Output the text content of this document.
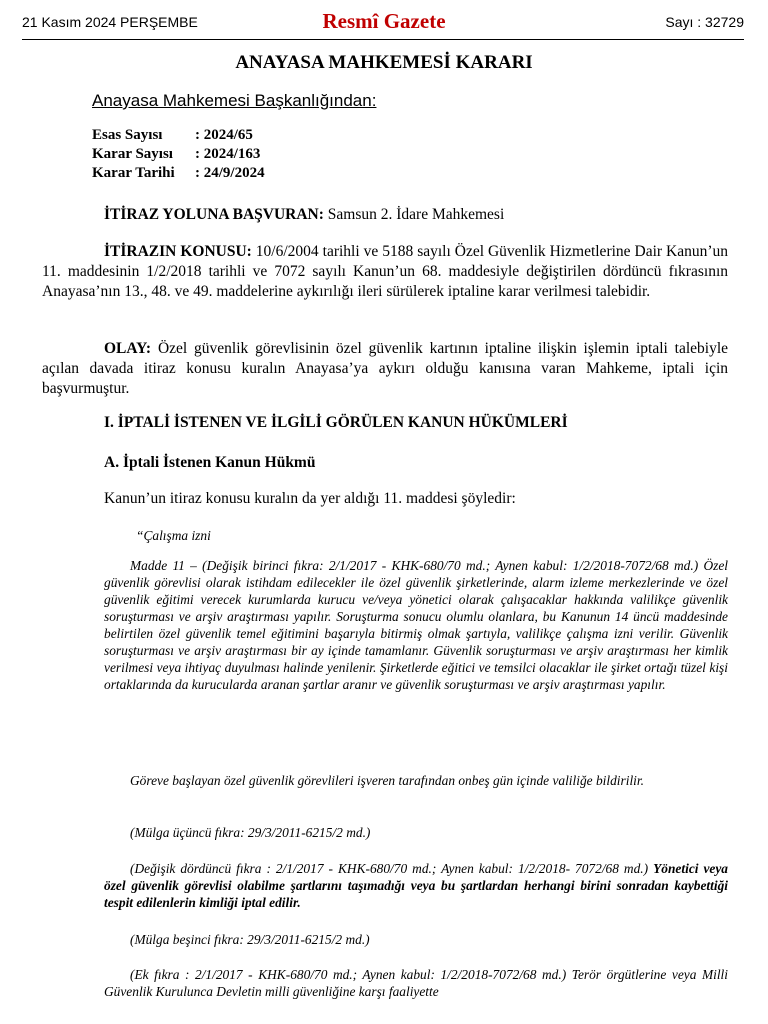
21 Kasım 2024 PERŞEMBE	Resmî Gazete	Sayı : 32729
ANAYASA MAHKEMESİ KARARI
Anayasa Mahkemesi Başkanlığından:
Esas Sayısı : 2024/65
Karar Sayısı : 2024/163
Karar Tarihi : 24/9/2024
İTİRAZ YOLUNA BAŞVURAN: Samsun 2. İdare Mahkemesi
İTİRAZIN KONUSU: 10/6/2004 tarihli ve 5188 sayılı Özel Güvenlik Hizmetlerine Dair Kanun’un 11. maddesinin 1/2/2018 tarihli ve 7072 sayılı Kanun’un 68. maddesiyle değiştirilen dördüncü fıkrasının Anayasa’nın 13., 48. ve 49. maddelerine aykırılığı ileri sürülerek iptaline karar verilmesi talebidir.
OLAY: Özel güvenlik görevlisinin özel güvenlik kartının iptaline ilişkin işlemin iptali talebiyle açılan davada itiraz konusu kuralın Anayasa’ya aykırı olduğu kanısına varan Mahkeme, iptali için başvurmuştur.
I. İPTALİ İSTENEN VE İLGİLİ GÖRÜLEN KANUN HÜKÜMLERİ
A. İptali İstenen Kanun Hükmü
Kanun’un itiraz konusu kuralın da yer aldığı 11. maddesi şöyledir:
“Çalışma izni
Madde 11 – (Değişik birinci fıkra: 2/1/2017 - KHK-680/70 md.; Aynen kabul: 1/2/2018-7072/68 md.) Özel güvenlik görevlisi olarak istihdam edilecekler ile özel güvenlik şirketlerinde, alarm izleme merkezlerinde ve özel güvenlik eğitimi verecek kurumlarda kurucu ve/veya yönetici olarak çalışacaklar hakkında valilikçe güvenlik soruşturması ve arşiv araştırması yapılır. Soruşturma sonucu olumlu olanlara, bu Kanunun 14 üncü maddesinde belirtilen özel güvenlik temel eğitimini başarıyla bitirmiş olmak şartıyla, valilikçe çalışma izni verilir. Güvenlik soruşturması ve arşiv araştırması bir ay içinde tamamlanır. Güvenlik soruşturması ve arşiv araştırması her kimlik verilmesi veya ihtiyaç duyulması halinde yenilenir. Şirketlerde eğitici ve temsilci olacaklar ile şirket ortağı tüzel kişi ortaklarında da kurucularda aranan şartlar aranır ve güvenlik soruşturması ve arşiv araştırması yapılır.
Göreve başlayan özel güvenlik görevlileri işveren tarafından onbeş gün içinde valiliğe bildirilir.
(Mülga üçüncü fıkra: 29/3/2011-6215/2 md.)
(Değişik dördüncü fıkra : 2/1/2017 - KHK-680/70 md.; Aynen kabul: 1/2/2018- 7072/68 md.) Yönetici veya özel güvenlik görevlisi olabilme şartlarını taşımadığı veya bu şartlardan herhangi birini sonradan kaybettiği tespit edilenlerin kimliği iptal edilir.
(Mülga beşinci fıkra: 29/3/2011-6215/2 md.)
(Ek fıkra : 2/1/2017 - KHK-680/70 md.; Aynen kabul: 1/2/2018-7072/68 md.) Terör örgütlerine veya Milli Güvenlik Kurulunca Devletin milli güvenliğine karşı faaliyette
